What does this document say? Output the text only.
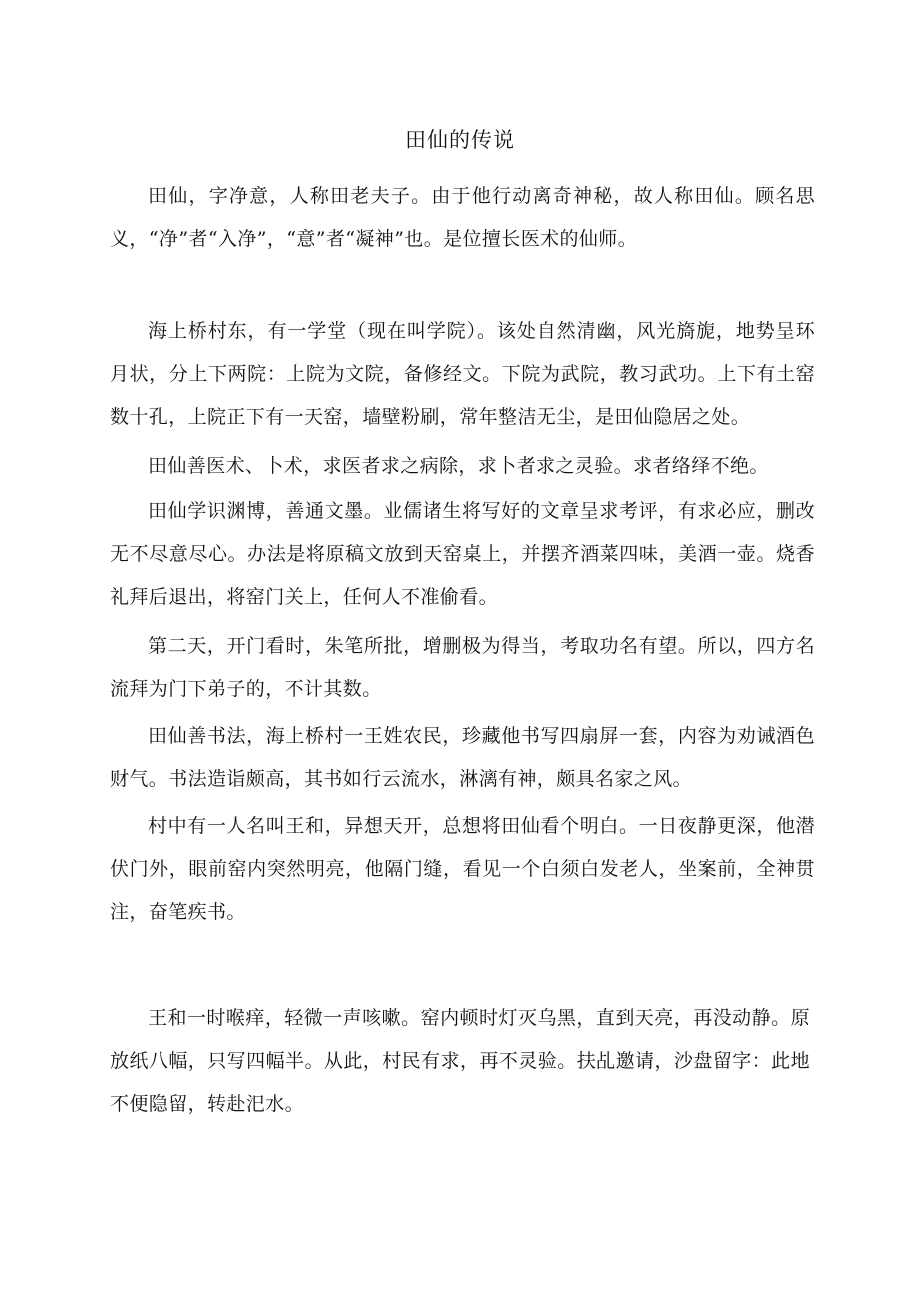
田仙的传说

田仙，字净意，人称田老夫子。由于他行动离奇神秘，故人称田仙。顾名思义，“净”者“入净”，“意”者“凝神”也。是位擅长医术的仙师。

海上桥村东，有一学堂（现在叫学院）。该处自然清幽，风光旖旎，地势呈环月状，分上下两院：上院为文院，备修经文。下院为武院，教习武功。上下有土窑数十孔，上院正下有一天窑，墙壁粉刷，常年整洁无尘，是田仙隐居之处。

田仙善医术、卜术，求医者求之病除，求卜者求之灵验。求者络绎不绝。

田仙学识渊博，善通文墨。业儒诸生将写好的文章呈求考评，有求必应，删改无不尽意尽心。办法是将原稿文放到天窑桌上，并摆齐酒菜四味，美酒一壶。烧香礼拜后退出，将窑门关上，任何人不准偷看。

第二天，开门看时，朱笔所批，增删极为得当，考取功名有望。所以，四方名流拜为门下弟子的，不计其数。

田仙善书法，海上桥村一王姓农民，珍藏他书写四扇屏一套，内容为劝诫酒色财气。书法造诣颇高，其书如行云流水，淋漓有神，颇具名家之风。

村中有一人名叫王和，异想天开，总想将田仙看个明白。一日夜静更深，他潜伏门外，眼前窑内突然明亮，他隔门缝，看见一个白须白发老人，坐案前，全神贯注，奋笔疾书。

王和一时喉痒，轻微一声咳嗽。窑内顿时灯灭乌黑，直到天亮，再没动静。原放纸八幅，只写四幅半。从此，村民有求，再不灵验。扶乩邀请，沙盘留字：此地不便隐留，转赴汜水。
